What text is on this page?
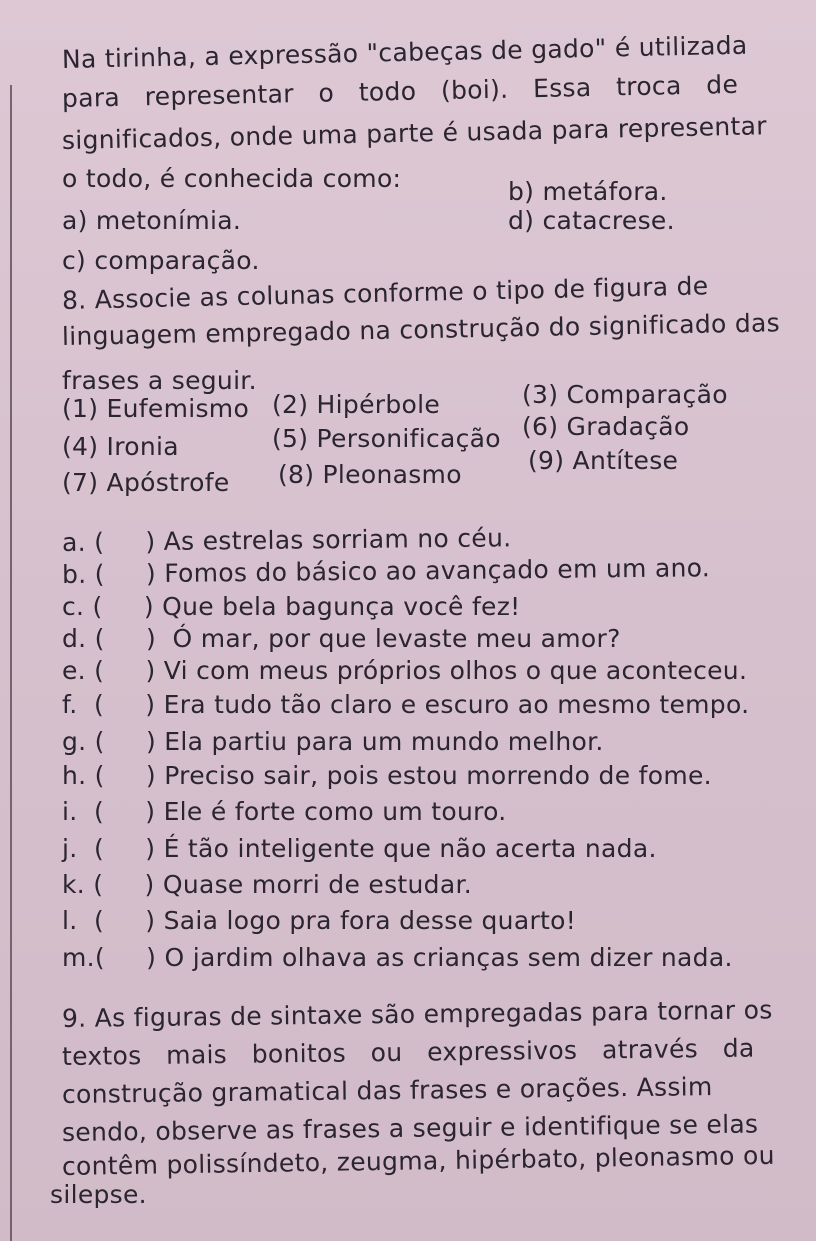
Na tirinha, a expressão "cabeças de gado" é utilizada
para   representar   o   todo   (boi).   Essa   troca   de
significados, onde uma parte é usada para representar
o todo, é conhecida como:	b) metáfora.
a) metonímia.	d) catacrese.
c) comparação.
8. Associe as colunas conforme o tipo de figura de
linguagem empregado na construção do significado das
frases a seguir.
(1) Eufemismo (2) Hipérbole	(3) Comparação
(4) Ironia	(5) Personificação (6) Gradação
(7) Apóstrofe (8) Pleonasmo	(9) Antítese
a. (     ) As estrelas sorriam no céu.
b. (     ) Fomos do básico ao avançado em um ano.
c. (     ) Que bela bagunça você fez!
d. (     )  Ó mar, por que levaste meu amor?
e. (     ) Vi com meus próprios olhos o que aconteceu.
f.  (     ) Era tudo tão claro e escuro ao mesmo tempo.
g. (     ) Ela partiu para um mundo melhor.
h. (     ) Preciso sair, pois estou morrendo de fome.
i.  (     ) Ele é forte como um touro.
j.  (     ) É tão inteligente que não acerta nada.
k. (     ) Quase morri de estudar.
l.  (     ) Saia logo pra fora desse quarto!
m.(     ) O jardim olhava as crianças sem dizer nada.
9. As figuras de sintaxe são empregadas para tornar os
textos   mais   bonitos   ou   expressivos   através   da
construção gramatical das frases e orações. Assim
sendo, observe as frases a seguir e identifique se elas
contêm polissíndeto, zeugma, hipérbato, pleonasmo ou
silepse.
